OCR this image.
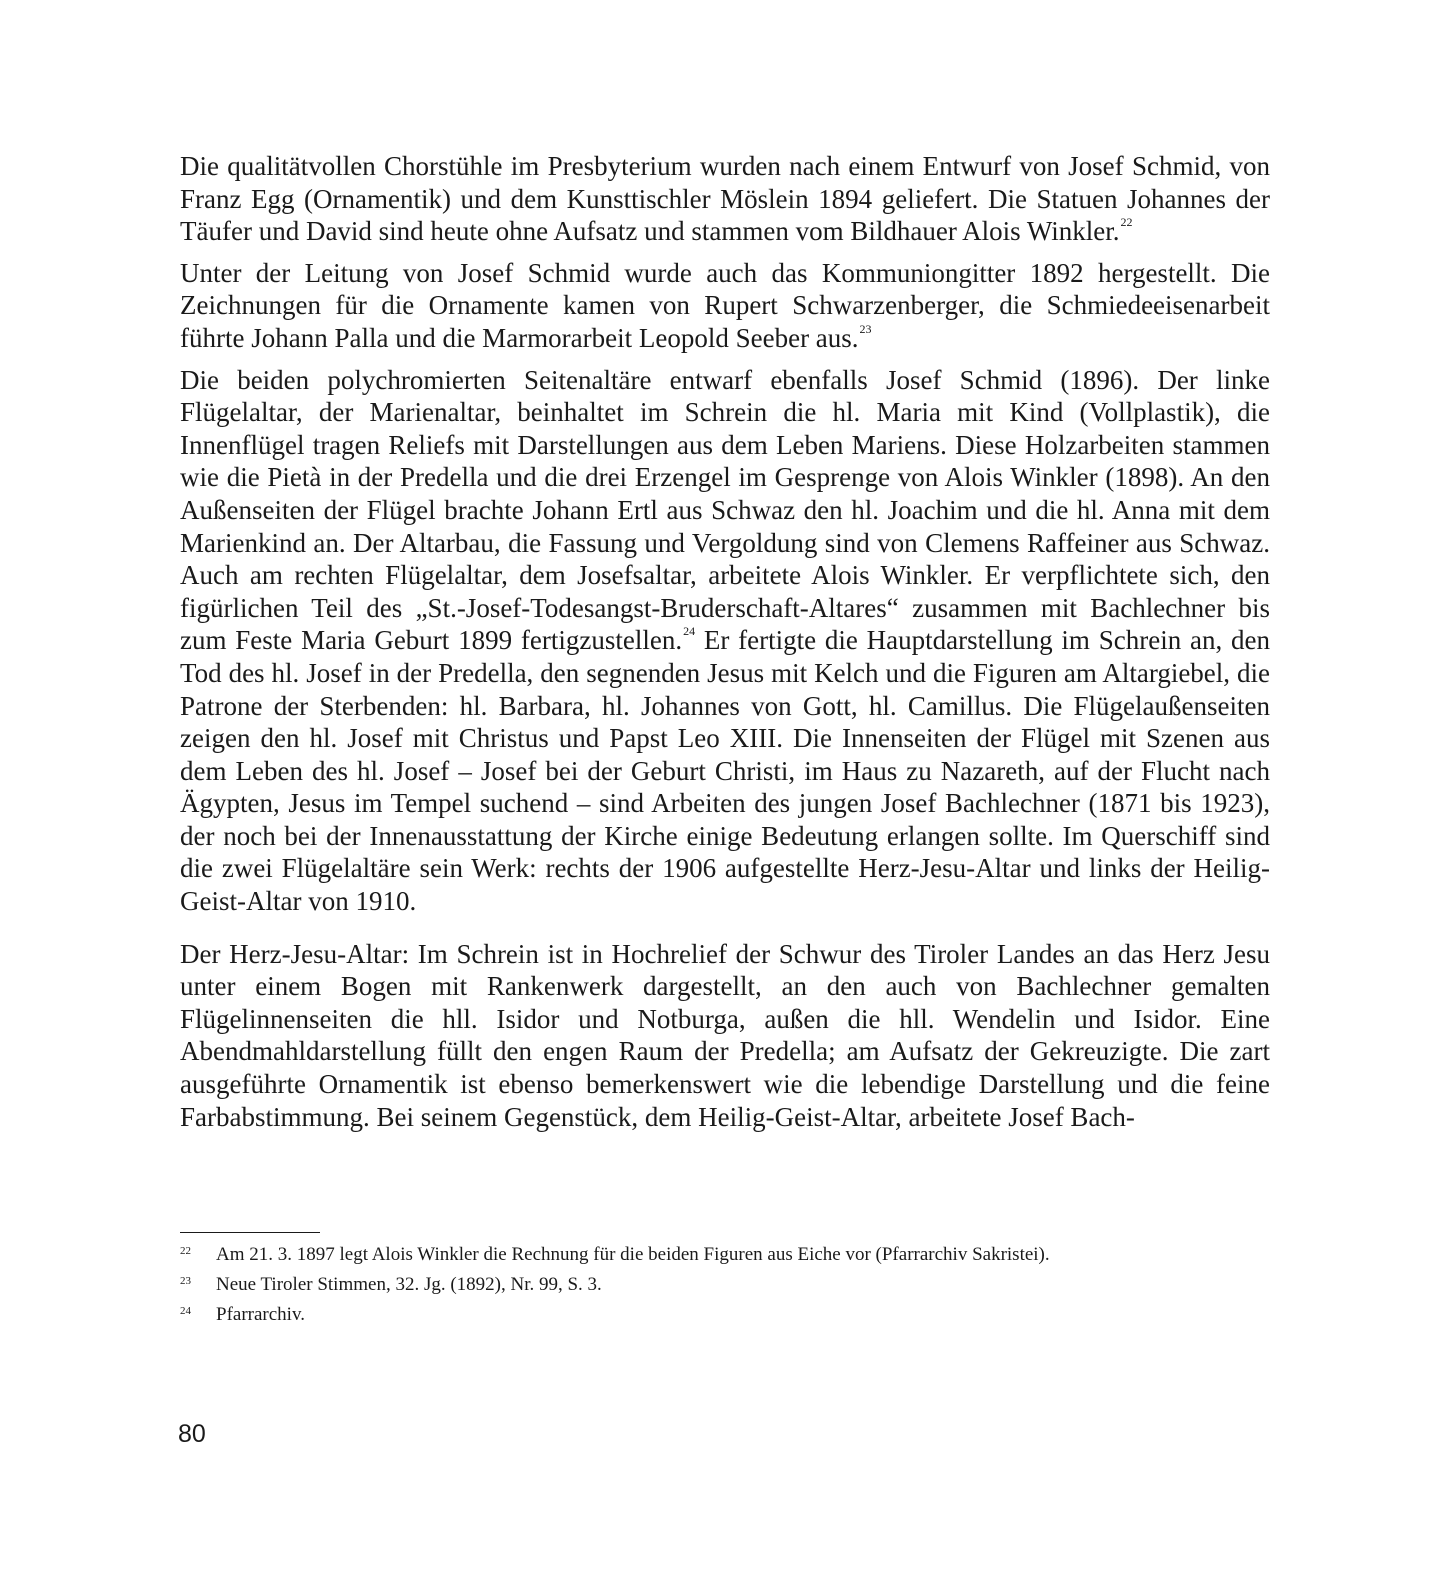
Die qualitätvollen Chorstühle im Presbyterium wurden nach einem Entwurf von Josef Schmid, von Franz Egg (Ornamentik) und dem Kunsttischler Möslein 1894 geliefert. Die Statuen Johannes der Täufer und David sind heute ohne Aufsatz und stammen vom Bildhauer Alois Winkler.$^{22}$

Unter der Leitung von Josef Schmid wurde auch das Kommuniongitter 1892 hergestellt. Die Zeichnungen für die Ornamente kamen von Rupert Schwarzenberger, die Schmiedeeisenarbeit führte Johann Palla und die Marmorarbeit Leopold Seeber aus.$^{23}$

Die beiden polychromierten Seitenaltäre entwarf ebenfalls Josef Schmid (1896). Der linke Flügelaltar, der Marienaltar, beinhaltet im Schrein die hl. Maria mit Kind (Vollplastik), die Innenflügel tragen Reliefs mit Darstellungen aus dem Leben Mariens. Diese Holzarbeiten stammen wie die Pietà in der Predella und die drei Erzengel im Gesprenge von Alois Winkler (1898). An den Außenseiten der Flügel brachte Johann Ertl aus Schwaz den hl. Joachim und die hl. Anna mit dem Marienkind an. Der Altarbau, die Fassung und Vergoldung sind von Clemens Raffeiner aus Schwaz. Auch am rechten Flügelaltar, dem Josefsaltar, arbeitete Alois Winkler. Er verpflichtete sich, den figürlichen Teil des „St.-Josef-Todesangst-Bruderschaft-Altares“ zusammen mit Bachlechner bis zum Feste Maria Geburt 1899 fertigzustellen.$^{24}$ Er fertigte die Hauptdarstellung im Schrein an, den Tod des hl. Josef in der Predella, den segnenden Jesus mit Kelch und die Figuren am Altargiebel, die Patrone der Sterbenden: hl. Barbara, hl. Johannes von Gott, hl. Camillus. Die Flügelaußenseiten zeigen den hl. Josef mit Christus und Papst Leo XIII. Die Innenseiten der Flügel mit Szenen aus dem Leben des hl. Josef – Josef bei der Geburt Christi, im Haus zu Nazareth, auf der Flucht nach Ägypten, Jesus im Tempel suchend – sind Arbeiten des jungen Josef Bachlechner (1871 bis 1923), der noch bei der Innenausstattung der Kirche einige Bedeutung erlangen sollte. Im Querschiff sind die zwei Flügelaltäre sein Werk: rechts der 1906 aufgestellte Herz-Jesu-Altar und links der Heilig-Geist-Altar von 1910.

Der Herz-Jesu-Altar: Im Schrein ist in Hochrelief der Schwur des Tiroler Landes an das Herz Jesu unter einem Bogen mit Rankenwerk dargestellt, an den auch von Bachlechner gemalten Flügelinnenseiten die hll. Isidor und Notburga, außen die hll. Wendelin und Isidor. Eine Abendmahldarstellung füllt den engen Raum der Predella; am Aufsatz der Gekreuzigte. Die zart ausgeführte Ornamentik ist ebenso bemerkenswert wie die lebendige Darstellung und die feine Farbabstimmung. Bei seinem Gegenstück, dem Heilig-Geist-Altar, arbeitete Josef Bach-

22	Am 21. 3. 1897 legt Alois Winkler die Rechnung für die beiden Figuren aus Eiche vor (Pfarrarchiv Sakristei).
23	Neue Tiroler Stimmen, 32. Jg. (1892), Nr. 99, S. 3.
24	Pfarrarchiv.
80
